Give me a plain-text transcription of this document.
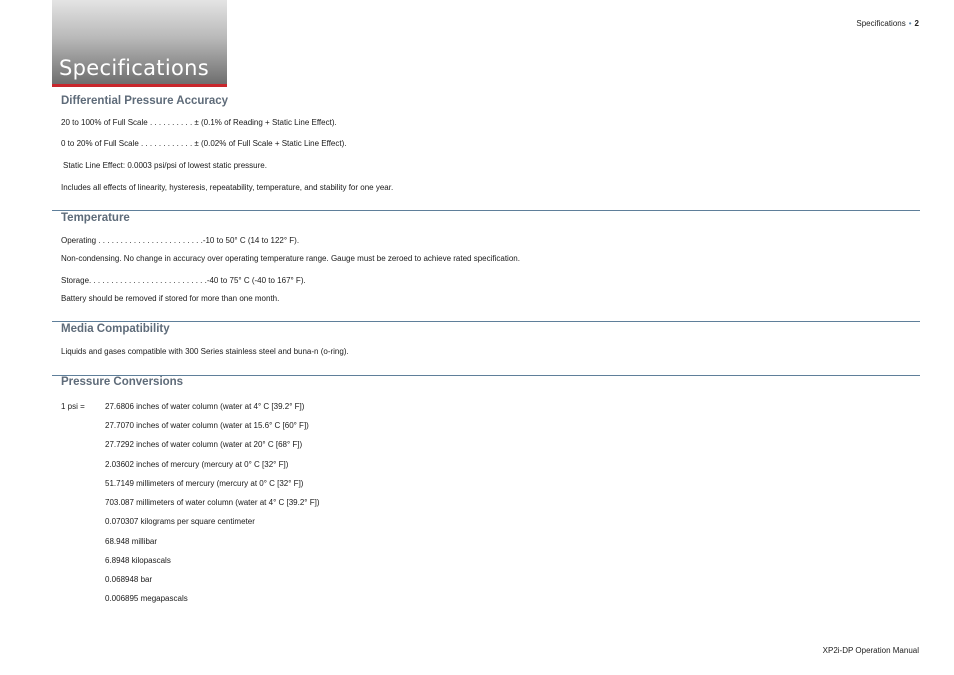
Specifications
Specifications • 2
Differential Pressure Accuracy
20 to 100% of Full Scale . . . . . . . . . . ± (0.1% of Reading + Static Line Effect).
0 to 20% of Full Scale . . . . . . . . . . . . ± (0.02% of Full Scale + Static Line Effect).
Static Line Effect: 0.0003 psi/psi of lowest static pressure.
Includes all effects of linearity, hysteresis, repeatability, temperature, and stability for one year.
Temperature
Operating . . . . . . . . . . . . . . . . . . . . . . . .-10 to 50° C (14 to 122° F).
Non-condensing. No change in accuracy over operating temperature range. Gauge must be zeroed to achieve rated specification.
Storage. . . . . . . . . . . . . . . . . . . . . . . . . . .-40 to 75° C (-40 to 167° F).
Battery should be removed if stored for more than one month.
Media Compatibility
Liquids and gases compatible with 300 Series stainless steel and buna-n (o-ring).
Pressure Conversions
1 psi =	27.6806 inches of water column (water at 4° C [39.2° F])
27.7070 inches of water column (water at 15.6° C [60° F])
27.7292 inches of water column (water at 20° C [68° F])
2.03602 inches of mercury (mercury at 0° C [32° F])
51.7149 millimeters of mercury (mercury at 0° C [32° F])
703.087 millimeters of water column (water at 4° C [39.2° F])
0.070307 kilograms per square centimeter
68.948 millibar
6.8948 kilopascals
0.068948 bar
0.006895 megapascals
XP2i-DP Operation Manual
